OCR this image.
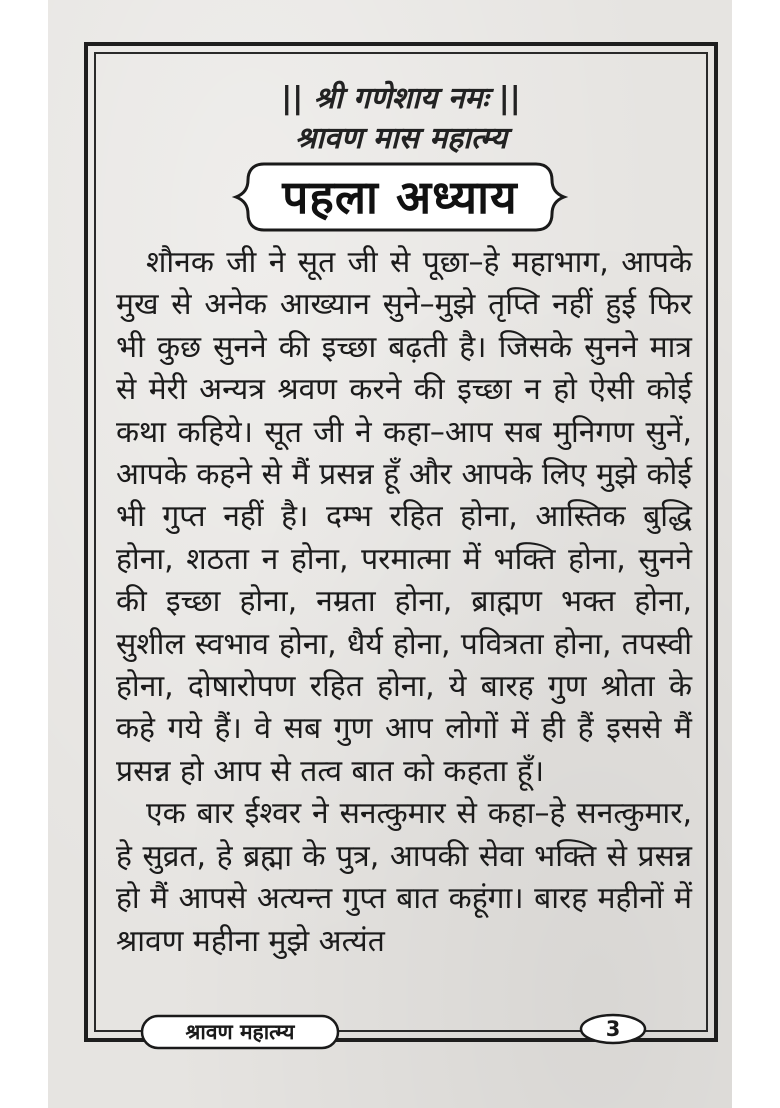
|| श्री गणेशाय नमः ||
श्रावण मास महात्म्य
पहला अध्याय

शौनक जी ने सूत जी से पूछा–हे महाभाग, आपके मुख से अनेक आख्यान सुने–मुझे तृप्ति नहीं हुई फिर भी कुछ सुनने की इच्छा बढ़ती है। जिसके सुनने मात्र से मेरी अन्यत्र श्रवण करने की इच्छा न हो ऐसी कोई कथा कहिये। सूत जी ने कहा–आप सब मुनिगण सुनें, आपके कहने से मैं प्रसन्न हूँ और आपके लिए मुझे कोई भी गुप्त नहीं है। दम्भ रहित होना, आस्तिक बुद्धि होना, शठता न होना, परमात्मा में भक्ति होना, सुनने की इच्छा होना, नम्रता होना, ब्राह्मण भक्त होना, सुशील स्वभाव होना, धैर्य होना, पवित्रता होना, तपस्वी होना, दोषारोपण रहित होना, ये बारह गुण श्रोता के कहे गये हैं। वे सब गुण आप लोगों में ही हैं इससे मैं प्रसन्न हो आप से तत्व बात को कहता हूँ।

एक बार ईश्वर ने सनत्कुमार से कहा–हे सनत्कुमार, हे सुव्रत, हे ब्रह्मा के पुत्र, आपकी सेवा भक्ति से प्रसन्न हो मैं आपसे अत्यन्त गुप्त बात कहूंगा। बारह महीनों में श्रावण महीना मुझे अत्यंत

श्रावण महात्म्य	3
